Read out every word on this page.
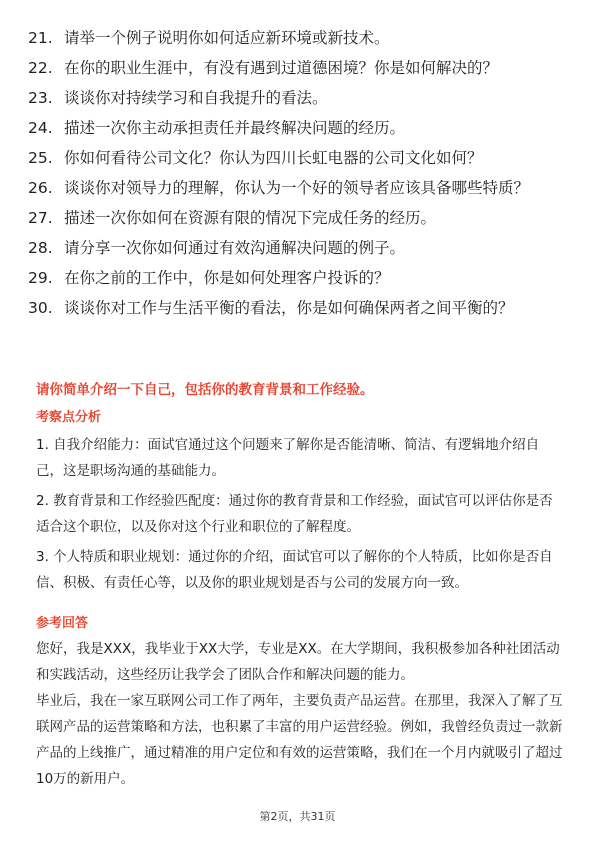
21. 请举一个例子说明你如何适应新环境或新技术。
22. 在你的职业生涯中，有没有遇到过道德困境？你是如何解决的？
23. 谈谈你对持续学习和自我提升的看法。
24. 描述一次你主动承担责任并最终解决问题的经历。
25. 你如何看待公司文化？你认为四川长虹电器的公司文化如何？
26. 谈谈你对领导力的理解，你认为一个好的领导者应该具备哪些特质？
27. 描述一次你如何在资源有限的情况下完成任务的经历。
28. 请分享一次你如何通过有效沟通解决问题的例子。
29. 在你之前的工作中，你是如何处理客户投诉的？
30. 谈谈你对工作与生活平衡的看法，你是如何确保两者之间平衡的？
请你简单介绍一下自己，包括你的教育背景和工作经验。
考察点分析

1. 自我介绍能力：面试官通过这个问题来了解你是否能清晰、简洁、有逻辑地介绍自己，这是职场沟通的基础能力。

2. 教育背景和工作经验匹配度：通过你的教育背景和工作经验，面试官可以评估你是否适合这个职位，以及你对这个行业和职位的了解程度。

3. 个人特质和职业规划：通过你的介绍，面试官可以了解你的个人特质，比如你是否自信、积极、有责任心等，以及你的职业规划是否与公司的发展方向一致。

参考回答

您好，我是XXX，我毕业于XX大学，专业是XX。在大学期间，我积极参加各种社团活动和实践活动，这些经历让我学会了团队合作和解决问题的能力。

毕业后，我在一家互联网公司工作了两年，主要负责产品运营。在那里，我深入了解了互联网产品的运营策略和方法，也积累了丰富的用户运营经验。例如，我曾经负责过一款新产品的上线推广，通过精准的用户定位和有效的运营策略，我们在一个月内就吸引了超过10万的新用户。

第2页，共31页
